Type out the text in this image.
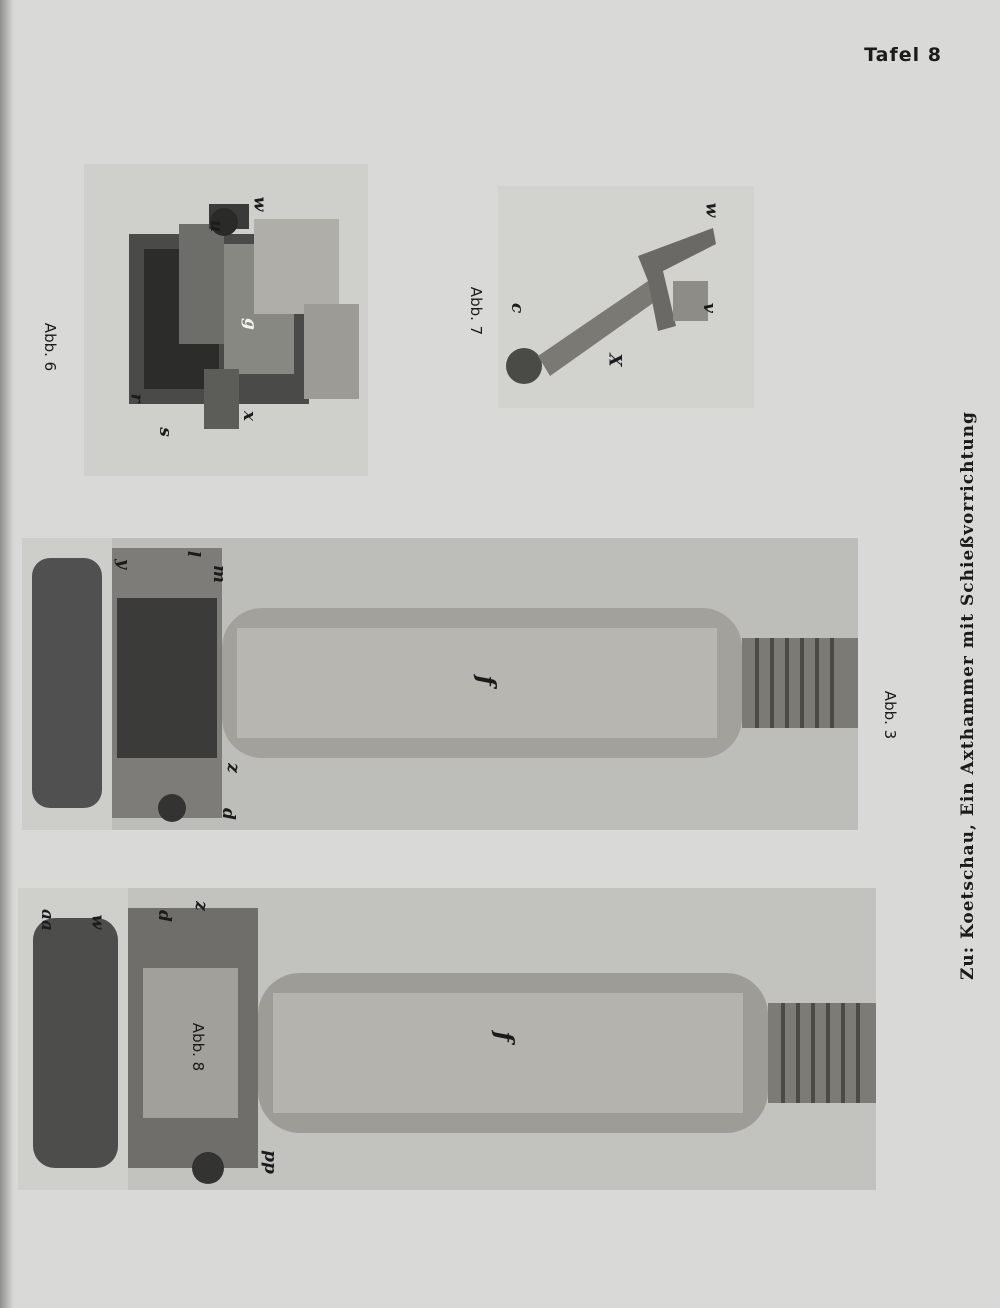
Tafel 8
u
w
g
r
s
x
Abb. 6
c
w
X
v
Abb. 7
y
l
m
f
z
d
Abb. 3
aa w	d
z
f
pp
Abb. 8
Zu: Koetschau, Ein Axthammer mit Schießvorrichtung
